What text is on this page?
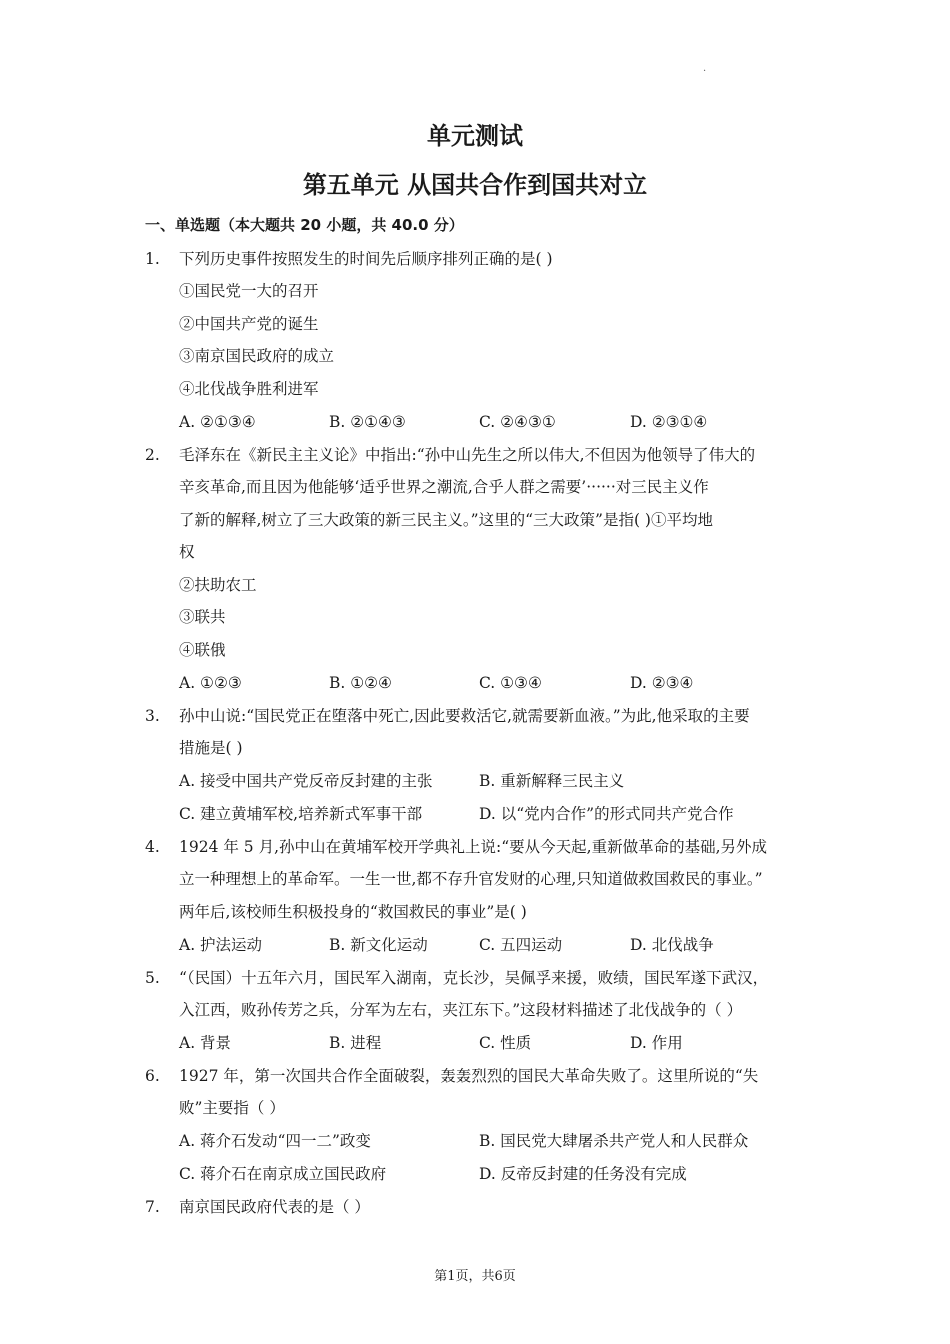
·
单元测试
第五单元 从国共合作到国共对立
一、单选题（本大题共 20 小题，共 40.0 分）
1. 下列历史事件按照发生的时间先后顺序排列正确的是( )
①国民党一大的召开
②中国共产党的诞生
③南京国民政府的成立
④北伐战争胜利进军
A. ②①③④	B. ②①④③	C. ②④③①	D. ②③①④
2. 毛泽东在《新民主主义论》中指出:“孙中山先生之所以伟大,不但因为他领导了伟大的
辛亥革命,而且因为他能够‘适乎世界之潮流,合乎人群之需要’······对三民主义作
了新的解释,树立了三大政策的新三民主义。”这里的“三大政策”是指( )①平均地
权
②扶助农工
③联共
④联俄
A. ①②③	B. ①②④	C. ①③④	D. ②③④
3. 孙中山说:“国民党正在堕落中死亡,因此要救活它,就需要新血液。”为此,他采取的主要
措施是( )
A. 接受中国共产党反帝反封建的主张	B. 重新解释三民主义
C. 建立黄埔军校,培养新式军事干部	D. 以“党内合作”的形式同共产党合作
4. 1924 年 5 月,孙中山在黄埔军校开学典礼上说:“要从今天起,重新做革命的基础,另外成
立一种理想上的革命军。一生一世,都不存升官发财的心理,只知道做救国救民的事业。”
两年后,该校师生积极投身的“救国救民的事业”是( )
A. 护法运动	B. 新文化运动	C. 五四运动	D. 北伐战争
5. “（民国）十五年六月，国民军入湖南，克长沙，吴佩孚来援，败绩，国民军遂下武汉，
入江西，败孙传芳之兵，分军为左右，夹江东下。”这段材料描述了北伐战争的（ ）
A. 背景	B. 进程	C. 性质	D. 作用
6. 1927 年，第一次国共合作全面破裂，轰轰烈烈的国民大革命失败了。这里所说的“失
败”主要指（ ）
A. 蒋介石发动“四一二”政变	B. 国民党大肆屠杀共产党人和人民群众
C. 蒋介石在南京成立国民政府	D. 反帝反封建的任务没有完成
7. 南京国民政府代表的是（ ）
第1页，共6页
